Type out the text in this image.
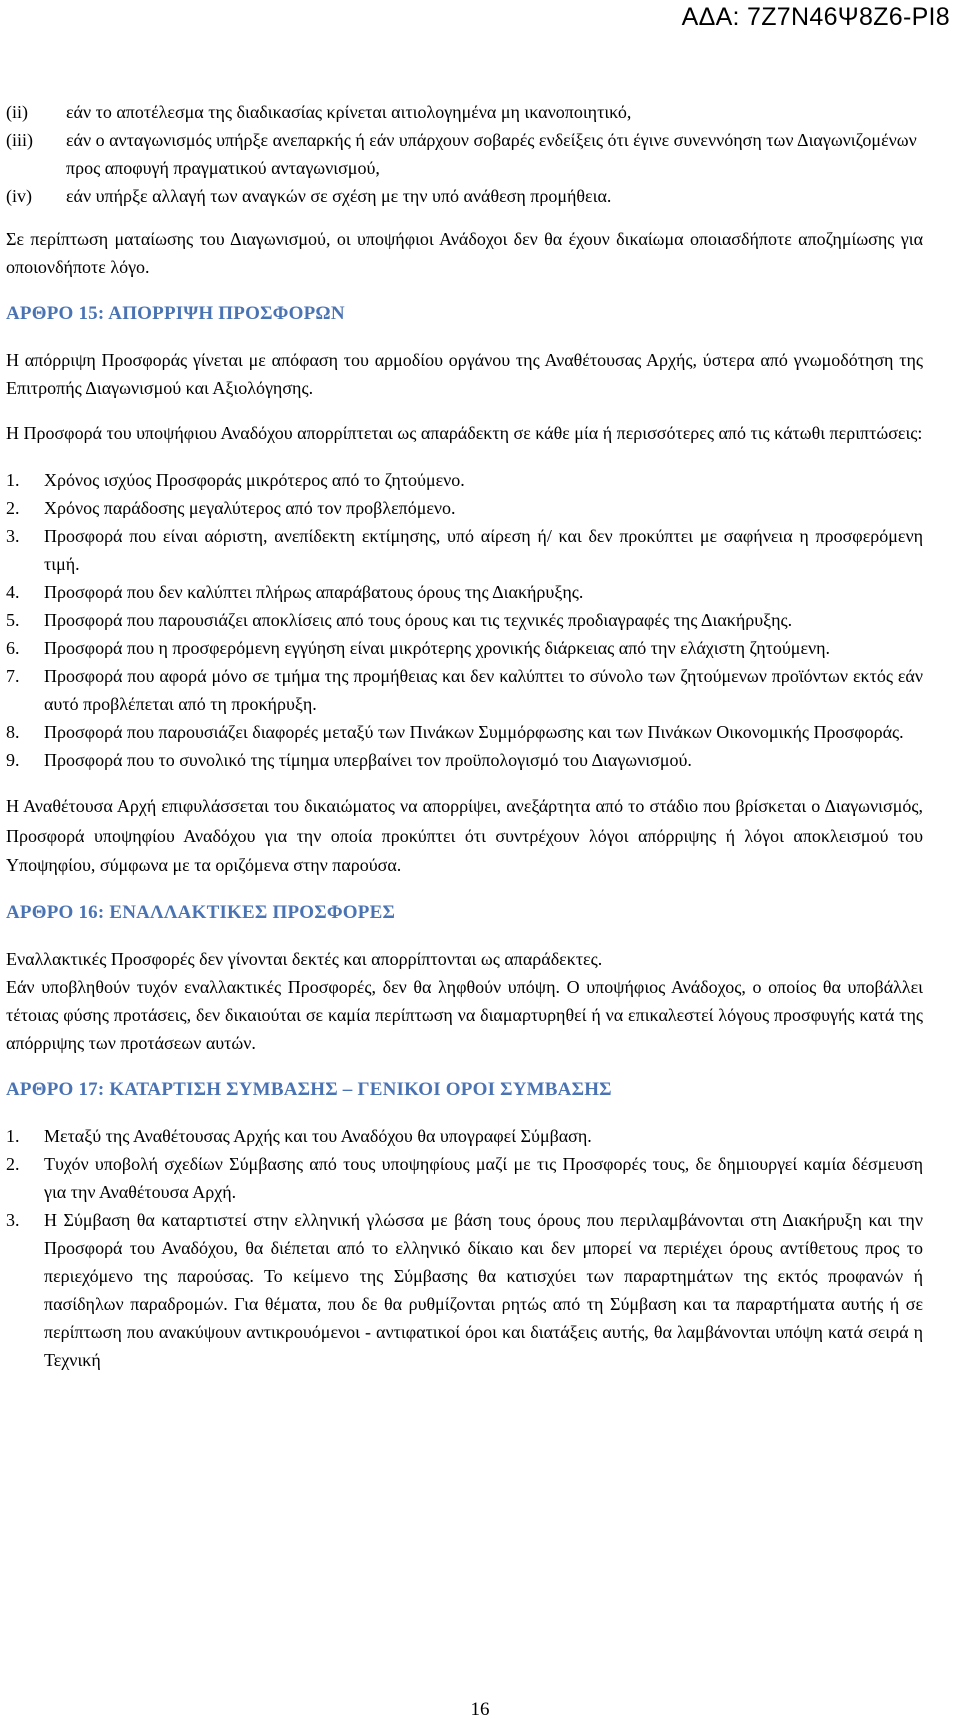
ΑΔΑ: 7Ζ7Ν46Ψ8Ζ6-ΡΙ8
(ii)	εάν το αποτέλεσμα της διαδικασίας κρίνεται αιτιολογημένα μη ικανοποιητικό,
(iii)	εάν ο ανταγωνισμός υπήρξε ανεπαρκής ή εάν υπάρχουν σοβαρές ενδείξεις ότι έγινε συνεννόηση των Διαγωνιζομένων προς αποφυγή πραγματικού ανταγωνισμού,
(iv)	εάν υπήρξε αλλαγή των αναγκών σε σχέση με την υπό ανάθεση προμήθεια.

Σε περίπτωση ματαίωσης του Διαγωνισμού, οι υποψήφιοι Ανάδοχοι δεν θα έχουν δικαίωμα οποιασδήποτε αποζημίωσης για οποιονδήποτε λόγο.

ΑΡΘΡΟ 15: ΑΠΟΡΡΙΨΗ ΠΡΟΣΦΟΡΩΝ

Η απόρριψη Προσφοράς γίνεται με απόφαση του αρμοδίου οργάνου της Αναθέτουσας Αρχής, ύστερα από γνωμοδότηση της Επιτροπής Διαγωνισμού και Αξιολόγησης.

Η Προσφορά του υποψήφιου Αναδόχου απορρίπτεται ως απαράδεκτη σε κάθε μία ή περισσότερες από τις κάτωθι περιπτώσεις:

1.	Χρόνος ισχύος Προσφοράς μικρότερος από το ζητούμενο.
2.	Χρόνος παράδοσης μεγαλύτερος από τον προβλεπόμενο.
3.	Προσφορά που είναι αόριστη, ανεπίδεκτη εκτίμησης, υπό αίρεση ή/ και δεν προκύπτει με σαφήνεια η προσφερόμενη τιμή.
4.	Προσφορά που δεν καλύπτει πλήρως απαράβατους όρους της Διακήρυξης.
5.	Προσφορά που παρουσιάζει αποκλίσεις από τους όρους και τις τεχνικές προδιαγραφές της Διακήρυξης.
6.	Προσφορά που η προσφερόμενη εγγύηση είναι μικρότερης χρονικής διάρκειας από την ελάχιστη ζητούμενη.
7.	Προσφορά που αφορά μόνο σε τμήμα της προμήθειας και δεν καλύπτει το σύνολο των ζητούμενων προϊόντων εκτός εάν αυτό προβλέπεται από τη προκήρυξη.
8.	Προσφορά που παρουσιάζει διαφορές μεταξύ των Πινάκων Συμμόρφωσης και των Πινάκων Οικονομικής Προσφοράς.
9.	Προσφορά που το συνολικό της τίμημα υπερβαίνει τον προϋπολογισμό του Διαγωνισμού.

Η Αναθέτουσα Αρχή επιφυλάσσεται του δικαιώματος να απορρίψει, ανεξάρτητα από το στάδιο που βρίσκεται ο Διαγωνισμός, Προσφορά υποψηφίου Αναδόχου για την οποία προκύπτει ότι συντρέχουν λόγοι απόρριψης ή λόγοι αποκλεισμού του Υποψηφίου, σύμφωνα με τα οριζόμενα στην παρούσα.

ΑΡΘΡΟ 16: ΕΝΑΛΛΑΚΤΙΚΕΣ ΠΡΟΣΦΟΡΕΣ

Εναλλακτικές Προσφορές δεν γίνονται δεκτές και απορρίπτονται ως απαράδεκτες.

Εάν υποβληθούν τυχόν εναλλακτικές Προσφορές, δεν θα ληφθούν υπόψη. Ο υποψήφιος Ανάδοχος, ο οποίος θα υποβάλλει τέτοιας φύσης προτάσεις, δεν δικαιούται σε καμία περίπτωση να διαμαρτυρηθεί ή να επικαλεστεί λόγους προσφυγής κατά της απόρριψης των προτάσεων αυτών.

ΑΡΘΡΟ 17: ΚΑΤΑΡΤΙΣΗ ΣΥΜΒΑΣΗΣ – ΓΕΝΙΚΟΙ ΟΡΟΙ ΣΥΜΒΑΣΗΣ
1.	Μεταξύ της Αναθέτουσας Αρχής και του Αναδόχου θα υπογραφεί Σύμβαση.
2.	Τυχόν υποβολή σχεδίων Σύμβασης από τους υποψηφίους μαζί με τις Προσφορές τους, δε δημιουργεί καμία δέσμευση για την Αναθέτουσα Αρχή.
3.	Η Σύμβαση θα καταρτιστεί στην ελληνική γλώσσα με βάση τους όρους που περιλαμβάνονται στη Διακήρυξη και την Προσφορά του Αναδόχου, θα διέπεται από το ελληνικό δίκαιο και δεν μπορεί να περιέχει όρους αντίθετους προς το περιεχόμενο της παρούσας. Το κείμενο της Σύμβασης θα κατισχύει των παραρτημάτων της εκτός προφανών ή πασίδηλων παραδρομών. Για θέματα, που δε θα ρυθμίζονται ρητώς από τη Σύμβαση και τα παραρτήματα αυτής ή σε περίπτωση που ανακύψουν αντικρουόμενοι - αντιφατικοί όροι και διατάξεις αυτής, θα λαμβάνονται υπόψη κατά σειρά η Τεχνική
16
